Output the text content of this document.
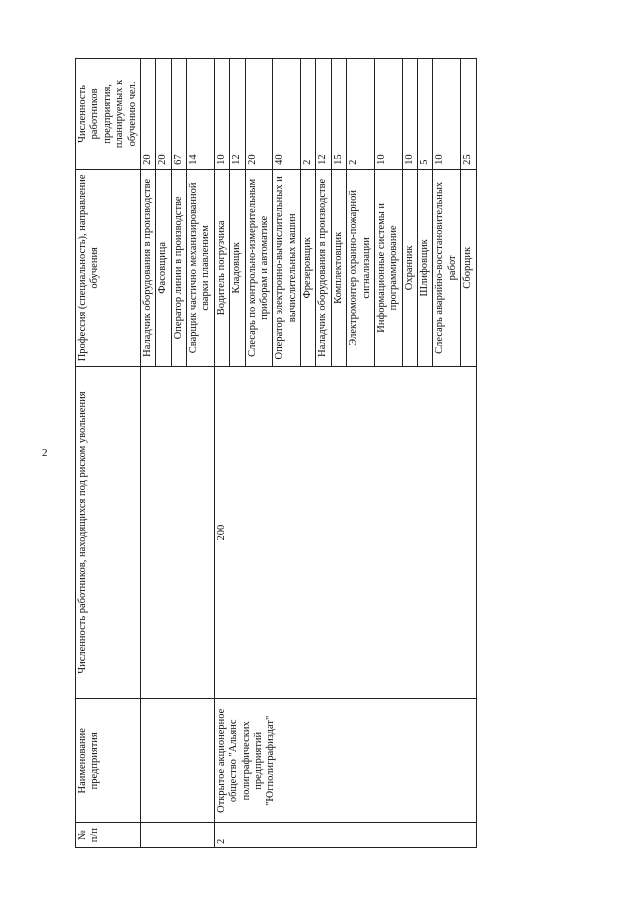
2
№ п/п	Наименование предприятия	Численность работников, находящихся под риском увольнения	Профессия (специальность), направление обучения	Численность работников предприятия, планируемых к обучению чел.
			Наладчик оборудования в производстве	20
			Фасовщица	20
			Оператор линии в производстве	67
			Сварщик частично механизированной сварки плавлением	14
2	Открытое акционерное общество "Альянс полиграфических предприятий "Югполиграфиздат"	200	Водитель погрузчика	10
			Кладовщик	12
			Слесарь по контрольно-измерительным приборам и автоматике	20
			Оператор электронно-вычислительных и вычислительных машин	40
			Фрезеровщик	2
			Наладчик оборудования в производстве	12
			Комплектовщик	15
			Электромонтер охранно-пожарной сигнализации	2
			Информационные системы и программирование	10
			Охранник	10
			Шлифовщик	5
			Слесарь аварийно-восстановительных работ	10
			Сборщик	25
